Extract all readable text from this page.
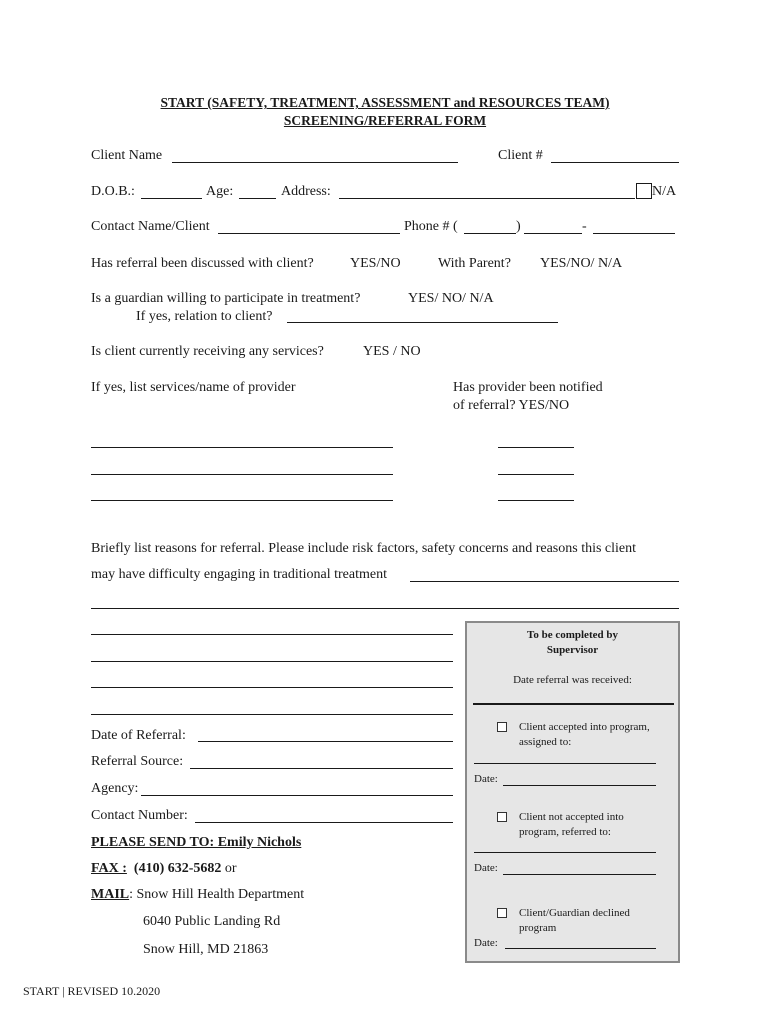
START (SAFETY, TREATMENT, ASSESSMENT and RESOURCES TEAM)
SCREENING/REFERRAL FORM
Client Name	Client #
D.O.B.:	Age:	Address:	N/A
Contact Name/Client	Phone # (	)	-
Has referral been discussed with client?	YES/NO	With Parent? YES/NO/ N/A
Is a guardian willing to participate in treatment?	YES/ NO/ N/A
If yes, relation to client?
Is client currently receiving any services?	YES / NO
If yes, list services/name of provider	Has provider been notified
of referral? YES/NO
Briefly list reasons for referral. Please include risk factors, safety concerns and reasons this client
may have difficulty engaging in traditional treatment
Date of Referral:
Referral Source:
Agency:
Contact Number:
PLEASE SEND TO: Emily Nichols
FAX : (410) 632-5682 or
MAIL: Snow Hill Health Department
6040 Public Landing Rd
Snow Hill, MD 21863
To be completed by
Supervisor
Date referral was received:
Client accepted into program,
assigned to:
Date:
Client not accepted into
program, referred to:
Date:
Client/Guardian declined
program
Date:
START | REVISED 10.2020
